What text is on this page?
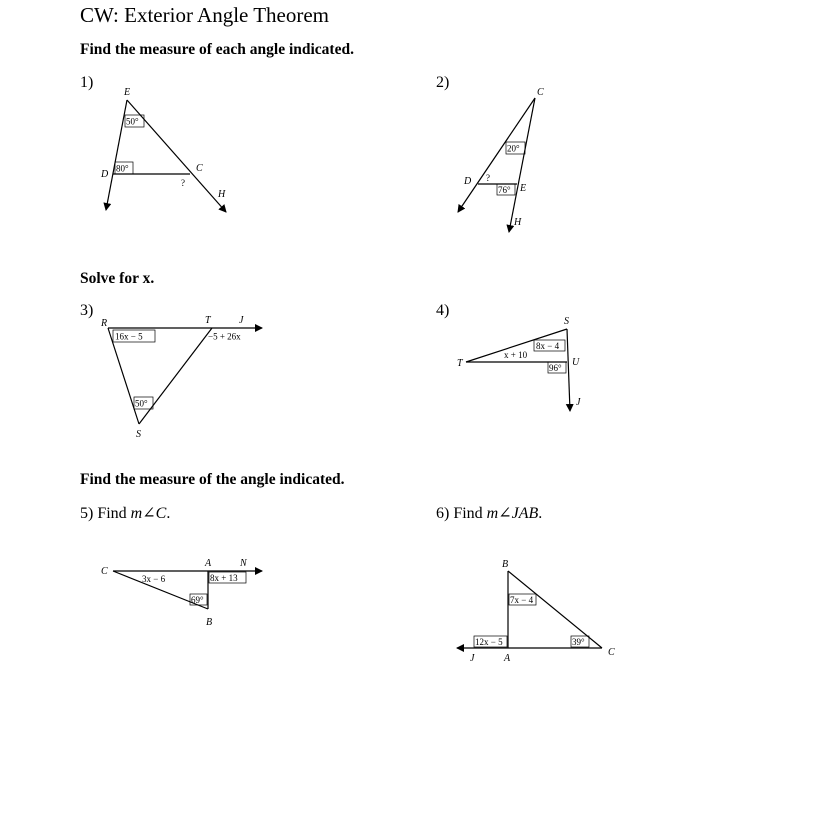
CW: Exterior Angle Theorem
Find the measure of each angle indicated.
Solve for x.
Find the measure of the angle indicated.
1)	2)
3)	4)
5) Find m∠C.	6) Find m∠JAB.
E
D
C
H
50°
80°
?
C
D
E
H
20°
76°
?
R	T	J
S
16x − 5	−5 + 26x
50°
S
T	U
J
8x − 4
x + 10
96°
C
A	N
B
3x − 6	8x + 13
69°
B
J	A
C
7x − 4
12x − 5	39°
